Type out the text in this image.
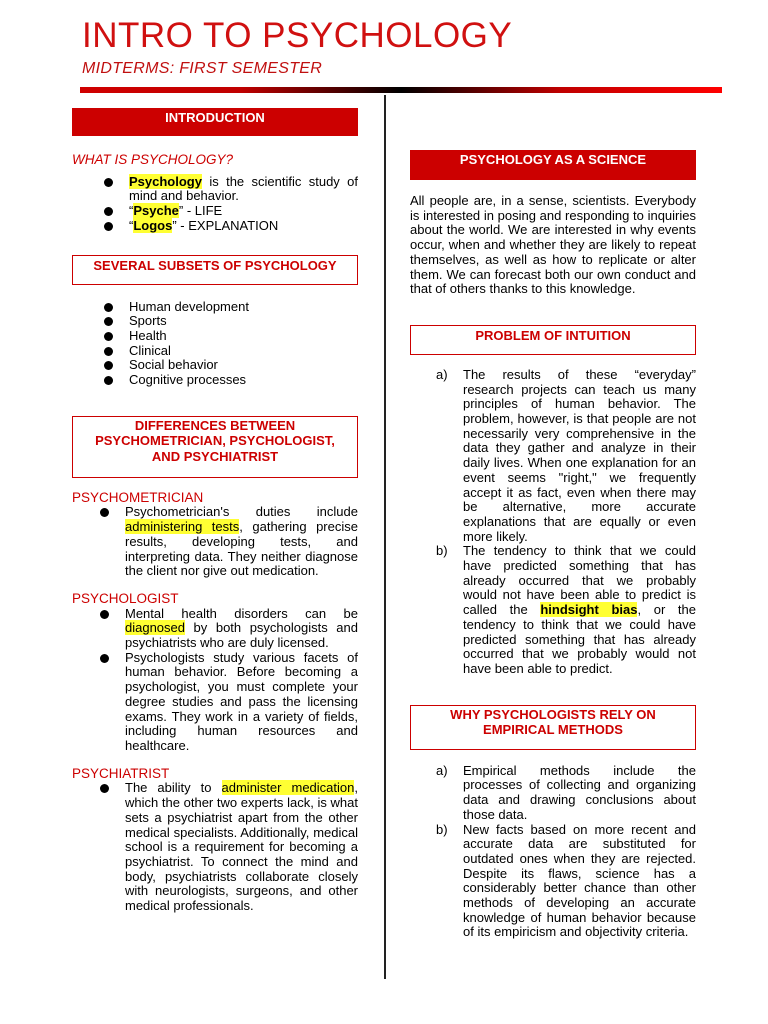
INTRO TO PSYCHOLOGY
MIDTERMS: FIRST SEMESTER
INTRODUCTION
WHAT IS PSYCHOLOGY?
Psychology is the scientific study of mind and behavior.
“Psyche” - LIFE
“Logos” - EXPLANATION
SEVERAL SUBSETS OF PSYCHOLOGY
Human development
Sports
Health
Clinical
Social behavior
Cognitive processes
DIFFERENCES BETWEEN PSYCHOMETRICIAN, PSYCHOLOGIST, AND PSYCHIATRIST
PSYCHOMETRICIAN
Psychometrician's duties include administering tests, gathering precise results, developing tests, and interpreting data. They neither diagnose the client nor give out medication.
PSYCHOLOGIST
Mental health disorders can be diagnosed by both psychologists and psychiatrists who are duly licensed.
Psychologists study various facets of human behavior. Before becoming a psychologist, you must complete your degree studies and pass the licensing exams. They work in a variety of fields, including human resources and healthcare.
PSYCHIATRIST
The ability to administer medication, which the other two experts lack, is what sets a psychiatrist apart from the other medical specialists. Additionally, medical school is a requirement for becoming a psychiatrist. To connect the mind and body, psychiatrists collaborate closely with neurologists, surgeons, and other medical professionals.
PSYCHOLOGY AS A SCIENCE

All people are, in a sense, scientists. Everybody is interested in posing and responding to inquiries about the world. We are interested in why events occur, when and whether they are likely to repeat themselves, as well as how to replicate or alter them. We can forecast both our own conduct and that of others thanks to this knowledge.

PROBLEM OF INTUITION
a) The results of these “everyday” research projects can teach us many principles of human behavior. The problem, however, is that people are not necessarily very comprehensive in the data they gather and analyze in their daily lives. When one explanation for an event seems "right," we frequently accept it as fact, even when there may be alternative, more accurate explanations that are equally or even more likely.
b) The tendency to think that we could have predicted something that has already occurred that we probably would not have been able to predict is called the hindsight bias, or the tendency to think that we could have predicted something that has already occurred that we probably would not have been able to predict.
WHY PSYCHOLOGISTS RELY ON EMPIRICAL METHODS
a) Empirical methods include the processes of collecting and organizing data and drawing conclusions about those data.
b) New facts based on more recent and accurate data are substituted for outdated ones when they are rejected. Despite its flaws, science has a considerably better chance than other methods of developing an accurate knowledge of human behavior because of its empiricism and objectivity criteria.
